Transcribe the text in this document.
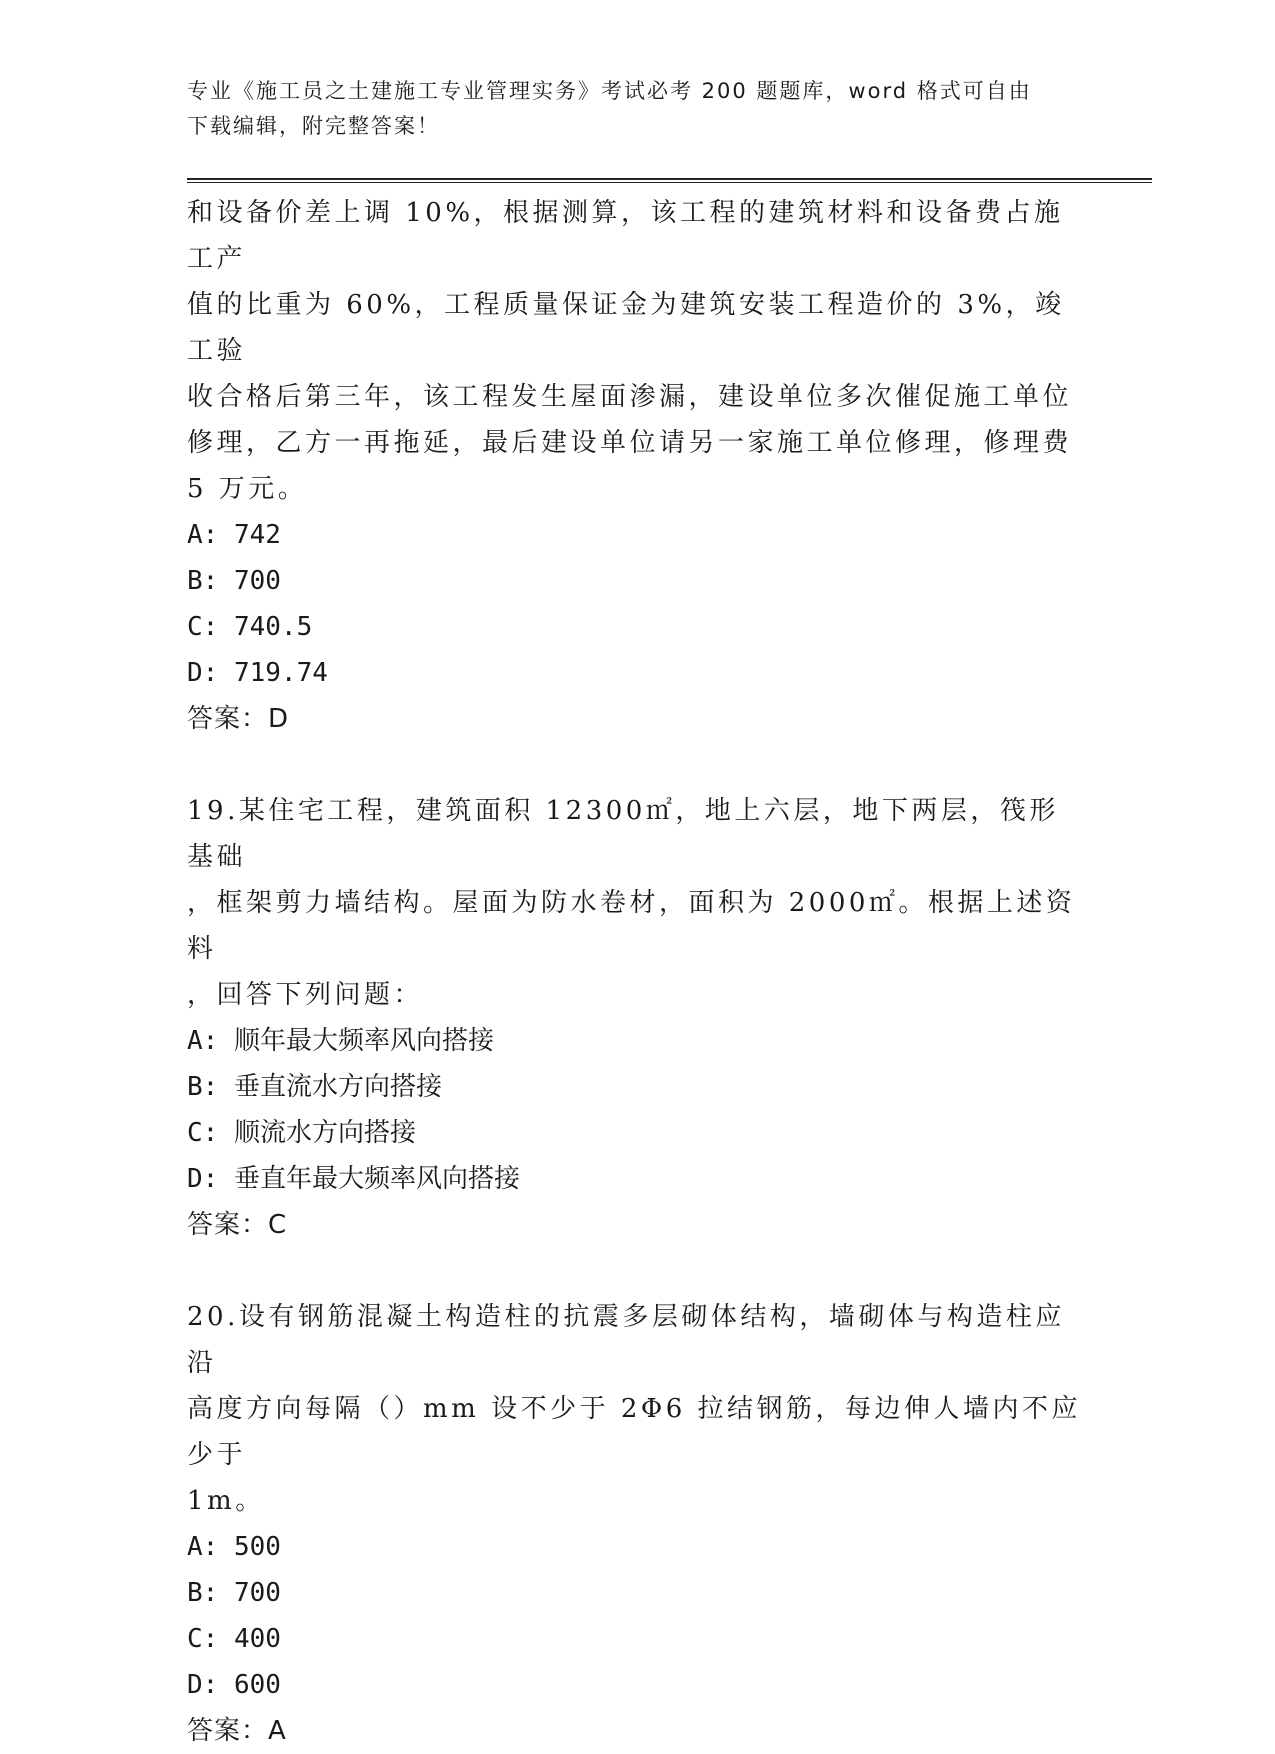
专业《施工员之土建施工专业管理实务》考试必考 200 题题库，word 格式可自由
下载编辑，附完整答案！

和设备价差上调 10%，根据测算，该工程的建筑材料和设备费占施工产

值的比重为 60%，工程质量保证金为建筑安装工程造价的 3%，竣工验

收合格后第三年，该工程发生屋面渗漏，建设单位多次催促施工单位

修理，乙方一再拖延，最后建设单位请另一家施工单位修理，修理费

5 万元。

A: 742

B: 700

C: 740.5

D: 719.74

答案：D

19.某住宅工程，建筑面积 12300㎡，地上六层，地下两层，筏形基础

，框架剪力墙结构。屋面为防水卷材，面积为 2000㎡。根据上述资料

，回答下列问题：

A: 顺年最大频率风向搭接

B: 垂直流水方向搭接

C: 顺流水方向搭接

D: 垂直年最大频率风向搭接

答案：C

20.设有钢筋混凝土构造柱的抗震多层砌体结构，墙砌体与构造柱应沿

高度方向每隔（）mm 设不少于 2Φ6 拉结钢筋，每边伸人墙内不应少于

1m。

A: 500

B: 700

C: 400

D: 600

答案：A
